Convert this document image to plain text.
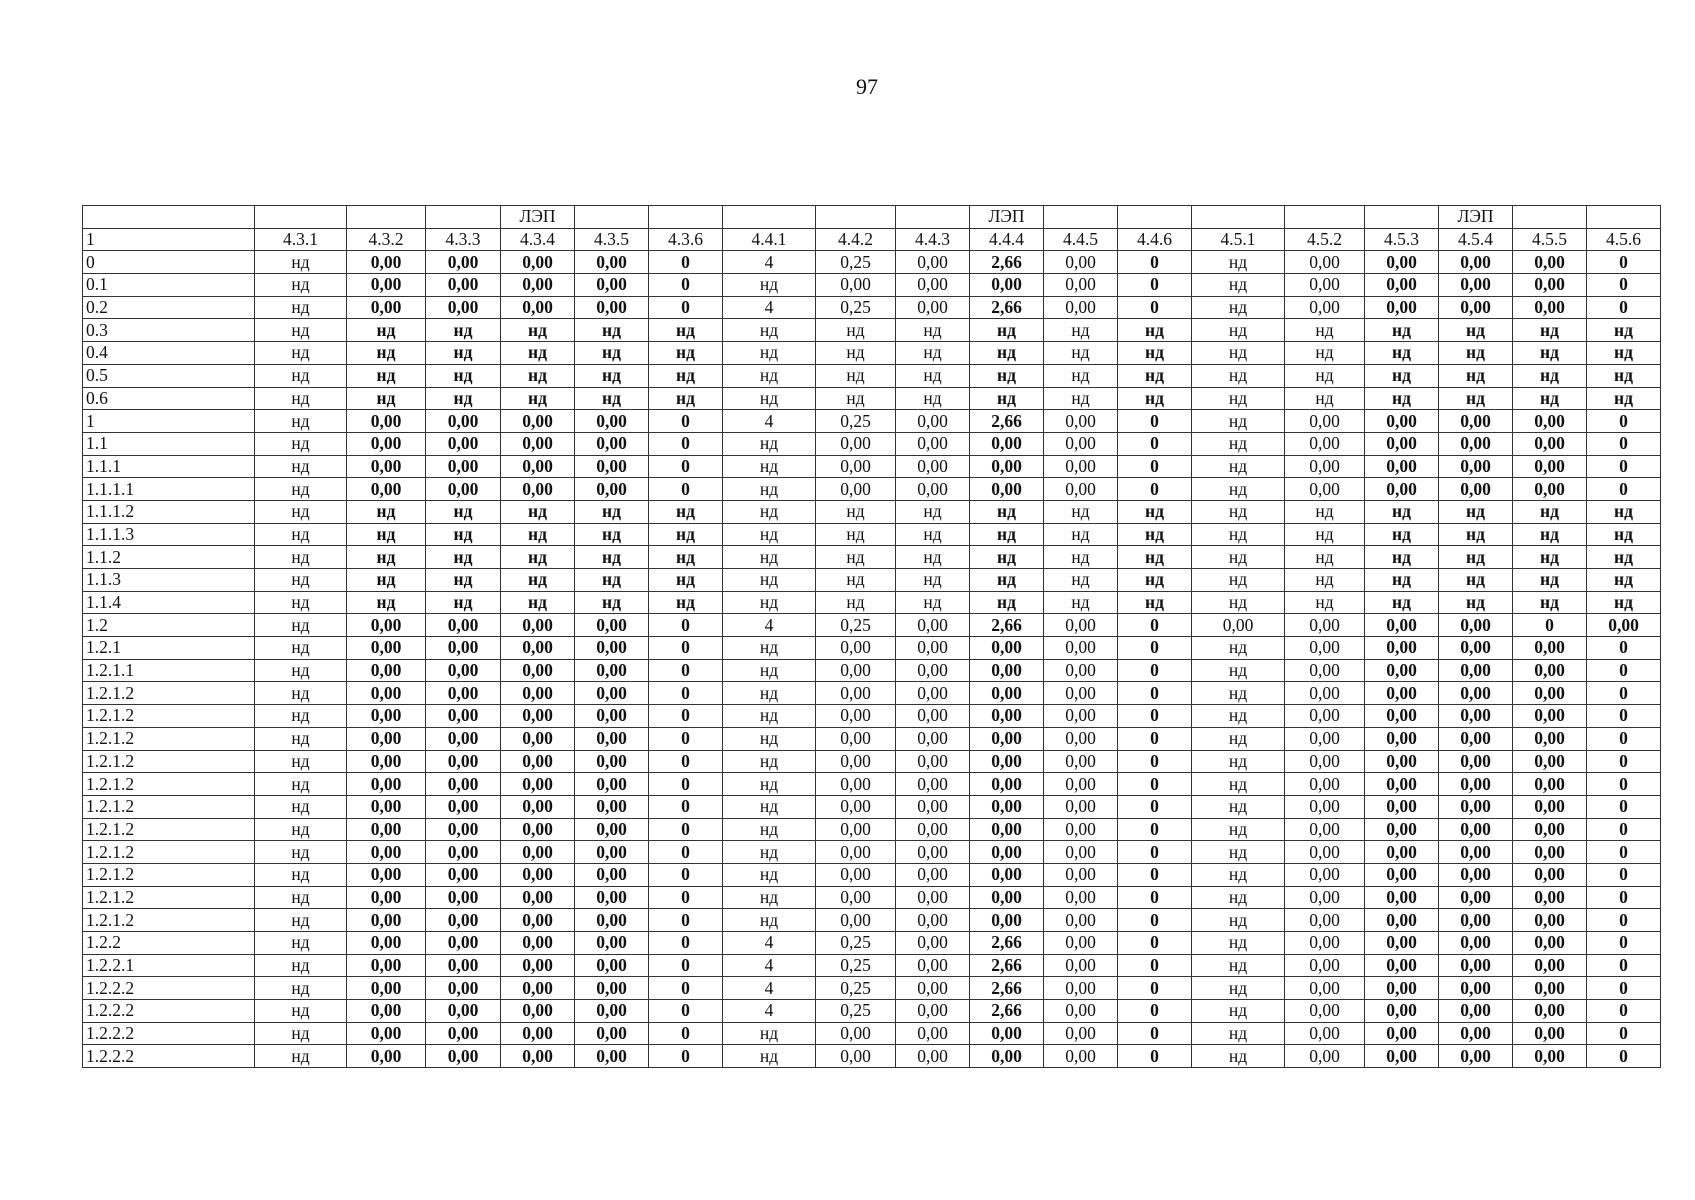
97
				ЛЭП						ЛЭП						ЛЭП		
1	4.3.1	4.3.2	4.3.3	4.3.4	4.3.5	4.3.6	4.4.1	4.4.2	4.4.3	4.4.4	4.4.5	4.4.6	4.5.1	4.5.2	4.5.3	4.5.4	4.5.5	4.5.6
0	нд	0,00	0,00	0,00	0,00	0	4	0,25	0,00	2,66	0,00	0	нд	0,00	0,00	0,00	0,00	0
0.1	нд	0,00	0,00	0,00	0,00	0	нд	0,00	0,00	0,00	0,00	0	нд	0,00	0,00	0,00	0,00	0
0.2	нд	0,00	0,00	0,00	0,00	0	4	0,25	0,00	2,66	0,00	0	нд	0,00	0,00	0,00	0,00	0
0.3	нд	нд	нд	нд	нд	нд	нд	нд	нд	нд	нд	нд	нд	нд	нд	нд	нд	нд
0.4	нд	нд	нд	нд	нд	нд	нд	нд	нд	нд	нд	нд	нд	нд	нд	нд	нд	нд
0.5	нд	нд	нд	нд	нд	нд	нд	нд	нд	нд	нд	нд	нд	нд	нд	нд	нд	нд
0.6	нд	нд	нд	нд	нд	нд	нд	нд	нд	нд	нд	нд	нд	нд	нд	нд	нд	нд
1	нд	0,00	0,00	0,00	0,00	0	4	0,25	0,00	2,66	0,00	0	нд	0,00	0,00	0,00	0,00	0
1.1	нд	0,00	0,00	0,00	0,00	0	нд	0,00	0,00	0,00	0,00	0	нд	0,00	0,00	0,00	0,00	0
1.1.1	нд	0,00	0,00	0,00	0,00	0	нд	0,00	0,00	0,00	0,00	0	нд	0,00	0,00	0,00	0,00	0
1.1.1.1	нд	0,00	0,00	0,00	0,00	0	нд	0,00	0,00	0,00	0,00	0	нд	0,00	0,00	0,00	0,00	0
1.1.1.2	нд	нд	нд	нд	нд	нд	нд	нд	нд	нд	нд	нд	нд	нд	нд	нд	нд	нд
1.1.1.3	нд	нд	нд	нд	нд	нд	нд	нд	нд	нд	нд	нд	нд	нд	нд	нд	нд	нд
1.1.2	нд	нд	нд	нд	нд	нд	нд	нд	нд	нд	нд	нд	нд	нд	нд	нд	нд	нд
1.1.3	нд	нд	нд	нд	нд	нд	нд	нд	нд	нд	нд	нд	нд	нд	нд	нд	нд	нд
1.1.4	нд	нд	нд	нд	нд	нд	нд	нд	нд	нд	нд	нд	нд	нд	нд	нд	нд	нд
1.2	нд	0,00	0,00	0,00	0,00	0	4	0,25	0,00	2,66	0,00	0	0,00	0,00	0,00	0,00	0	0,00
1.2.1	нд	0,00	0,00	0,00	0,00	0	нд	0,00	0,00	0,00	0,00	0	нд	0,00	0,00	0,00	0,00	0
1.2.1.1	нд	0,00	0,00	0,00	0,00	0	нд	0,00	0,00	0,00	0,00	0	нд	0,00	0,00	0,00	0,00	0
1.2.1.2	нд	0,00	0,00	0,00	0,00	0	нд	0,00	0,00	0,00	0,00	0	нд	0,00	0,00	0,00	0,00	0
1.2.1.2	нд	0,00	0,00	0,00	0,00	0	нд	0,00	0,00	0,00	0,00	0	нд	0,00	0,00	0,00	0,00	0
1.2.1.2	нд	0,00	0,00	0,00	0,00	0	нд	0,00	0,00	0,00	0,00	0	нд	0,00	0,00	0,00	0,00	0
1.2.1.2	нд	0,00	0,00	0,00	0,00	0	нд	0,00	0,00	0,00	0,00	0	нд	0,00	0,00	0,00	0,00	0
1.2.1.2	нд	0,00	0,00	0,00	0,00	0	нд	0,00	0,00	0,00	0,00	0	нд	0,00	0,00	0,00	0,00	0
1.2.1.2	нд	0,00	0,00	0,00	0,00	0	нд	0,00	0,00	0,00	0,00	0	нд	0,00	0,00	0,00	0,00	0
1.2.1.2	нд	0,00	0,00	0,00	0,00	0	нд	0,00	0,00	0,00	0,00	0	нд	0,00	0,00	0,00	0,00	0
1.2.1.2	нд	0,00	0,00	0,00	0,00	0	нд	0,00	0,00	0,00	0,00	0	нд	0,00	0,00	0,00	0,00	0
1.2.1.2	нд	0,00	0,00	0,00	0,00	0	нд	0,00	0,00	0,00	0,00	0	нд	0,00	0,00	0,00	0,00	0
1.2.1.2	нд	0,00	0,00	0,00	0,00	0	нд	0,00	0,00	0,00	0,00	0	нд	0,00	0,00	0,00	0,00	0
1.2.1.2	нд	0,00	0,00	0,00	0,00	0	нд	0,00	0,00	0,00	0,00	0	нд	0,00	0,00	0,00	0,00	0
1.2.2	нд	0,00	0,00	0,00	0,00	0	4	0,25	0,00	2,66	0,00	0	нд	0,00	0,00	0,00	0,00	0
1.2.2.1	нд	0,00	0,00	0,00	0,00	0	4	0,25	0,00	2,66	0,00	0	нд	0,00	0,00	0,00	0,00	0
1.2.2.2	нд	0,00	0,00	0,00	0,00	0	4	0,25	0,00	2,66	0,00	0	нд	0,00	0,00	0,00	0,00	0
1.2.2.2	нд	0,00	0,00	0,00	0,00	0	4	0,25	0,00	2,66	0,00	0	нд	0,00	0,00	0,00	0,00	0
1.2.2.2	нд	0,00	0,00	0,00	0,00	0	нд	0,00	0,00	0,00	0,00	0	нд	0,00	0,00	0,00	0,00	0
1.2.2.2	нд	0,00	0,00	0,00	0,00	0	нд	0,00	0,00	0,00	0,00	0	нд	0,00	0,00	0,00	0,00	0
